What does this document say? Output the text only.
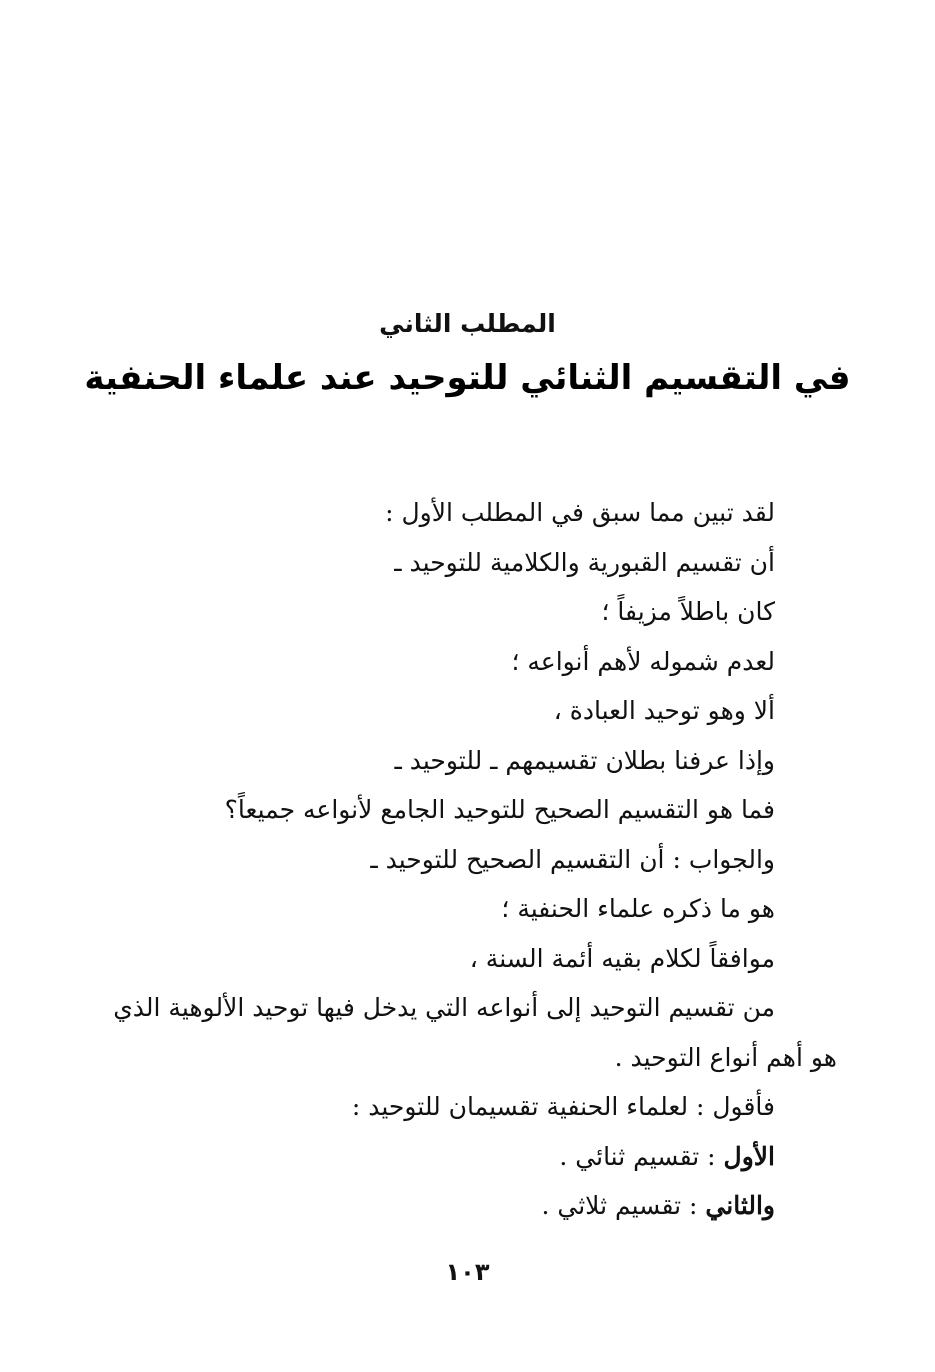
المطلب الثاني
في التقسيم الثنائي للتوحيد عند علماء الحنفية
لقد تبين مما سبق في المطلب الأول :
أن تقسيم القبورية والكلامية للتوحيد ـ
كان باطلاً مزيفاً ؛
لعدم شموله لأهم أنواعه ؛
ألا وهو توحيد العبادة ،
وإذا عرفنا بطلان تقسيمهم ـ للتوحيد ـ
فما هو التقسيم الصحيح للتوحيد الجامع لأنواعه جميعاً؟
والجواب : أن التقسيم الصحيح للتوحيد ـ
هو ما ذكره علماء الحنفية ؛
موافقاً لكلام بقيه أئمة السنة ،
من تقسيم التوحيد إلى أنواعه التي يدخل فيها توحيد الألوهية الذي
هو أهم أنواع التوحيد .
فأقول : لعلماء الحنفية تقسيمان للتوحيد :
الأول : تقسيم ثنائي .
والثاني : تقسيم ثلاثي .
١٠٣
